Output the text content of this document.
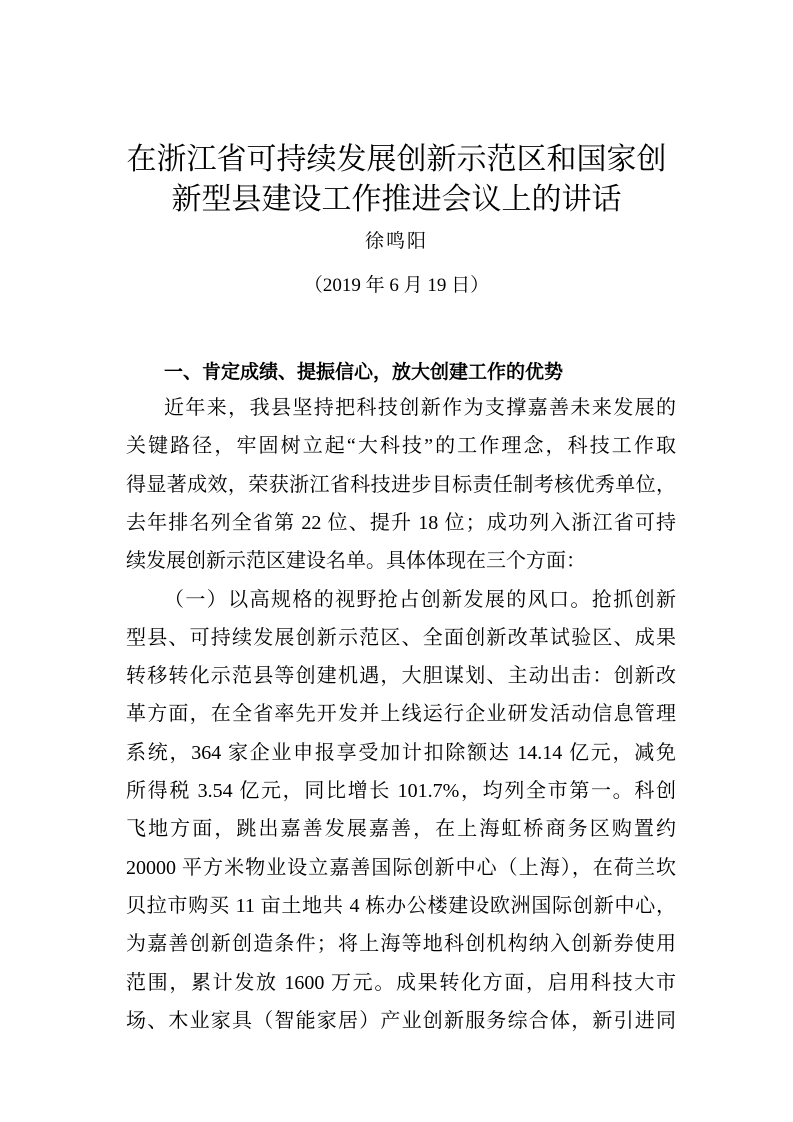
在浙江省可持续发展创新示范区和国家创
新型县建设工作推进会议上的讲话
徐鸣阳
（2019 年 6 月 19 日）
一、肯定成绩、提振信心，放大创建工作的优势
近年来，我县坚持把科技创新作为支撑嘉善未来发展的
关键路径，牢固树立起“大科技”的工作理念，科技工作取
得显著成效，荣获浙江省科技进步目标责任制考核优秀单位，
去年排名列全省第 22 位、提升 18 位；成功列入浙江省可持
续发展创新示范区建设名单。具体体现在三个方面：
（一）以高规格的视野抢占创新发展的风口。抢抓创新
型县、可持续发展创新示范区、全面创新改革试验区、成果
转移转化示范县等创建机遇，大胆谋划、主动出击：创新改
革方面，在全省率先开发并上线运行企业研发活动信息管理
系统，364 家企业申报享受加计扣除额达 14.14 亿元，减免
所得税 3.54 亿元，同比增长 101.7%，均列全市第一。科创
飞地方面，跳出嘉善发展嘉善，在上海虹桥商务区购置约
20000 平方米物业设立嘉善国际创新中心（上海），在荷兰坎
贝拉市购买 11 亩土地共 4 栋办公楼建设欧洲国际创新中心，
为嘉善创新创造条件；将上海等地科创机构纳入创新券使用
范围，累计发放 1600 万元。成果转化方面，启用科技大市
场、木业家具（智能家居）产业创新服务综合体，新引进同
